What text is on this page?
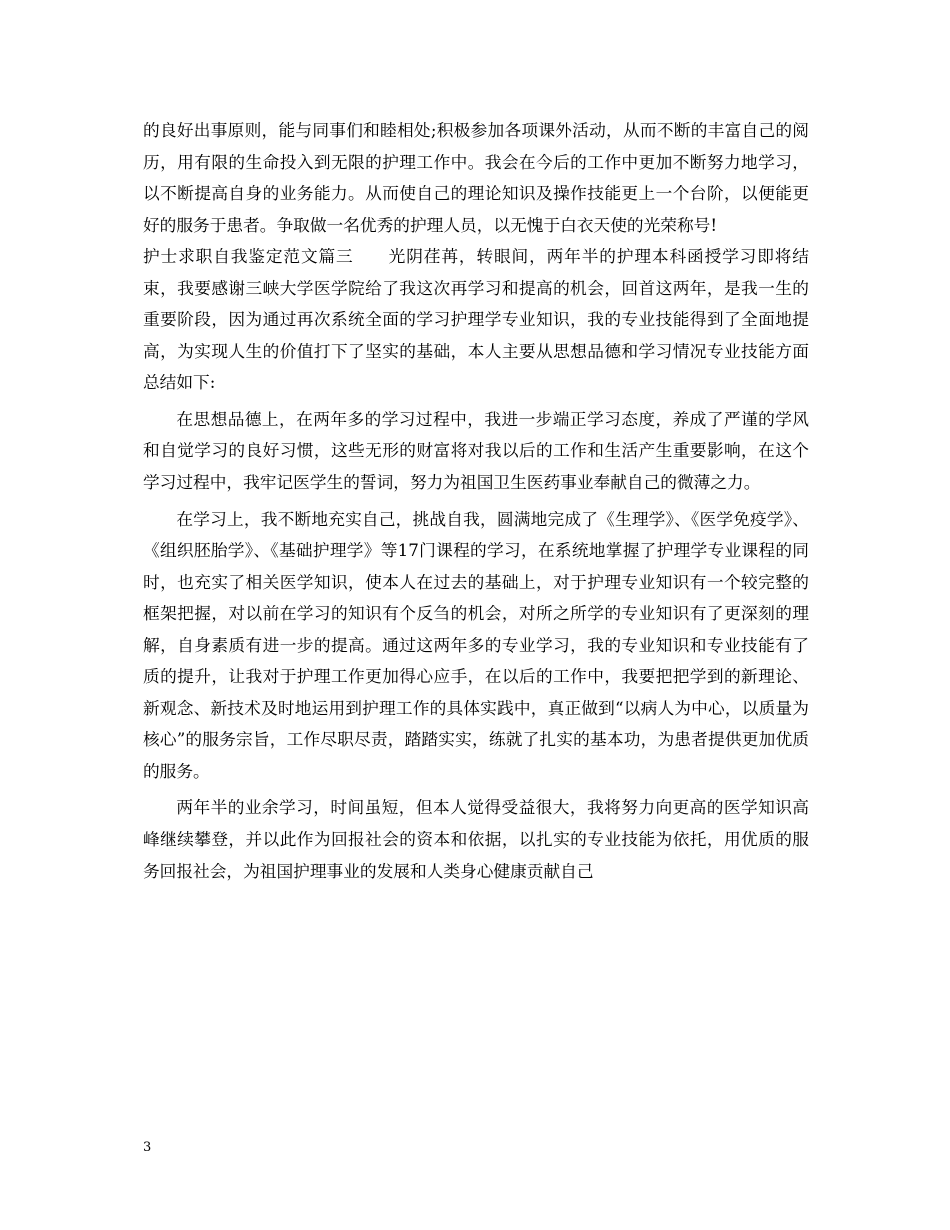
的良好出事原则，能与同事们和睦相处;积极参加各项课外活动，从而不断的丰富自己的阅历，用有限的生命投入到无限的护理工作中。我会在今后的工作中更加不断努力地学习，以不断提高自身的业务能力。从而使自己的理论知识及操作技能更上一个台阶，以便能更好的服务于患者。争取做一名优秀的护理人员，以无愧于白衣天使的光荣称号!

护士求职自我鉴定范文篇三　　光阴荏苒，转眼间，两年半的护理本科函授学习即将结束，我要感谢三峡大学医学院给了我这次再学习和提高的机会，回首这两年，是我一生的重要阶段，因为通过再次系统全面的学习护理学专业知识，我的专业技能得到了全面地提高，为实现人生的价值打下了坚实的基础，本人主要从思想品德和学习情况专业技能方面总结如下:

在思想品德上，在两年多的学习过程中，我进一步端正学习态度，养成了严谨的学风和自觉学习的良好习惯，这些无形的财富将对我以后的工作和生活产生重要影响，在这个学习过程中，我牢记医学生的誓词，努力为祖国卫生医药事业奉献自己的微薄之力。

在学习上，我不断地充实自己，挑战自我，圆满地完成了《生理学》、《医学免疫学》、《组织胚胎学》、《基础护理学》等17门课程的学习，在系统地掌握了护理学专业课程的同时，也充实了相关医学知识，使本人在过去的基础上，对于护理专业知识有一个较完整的框架把握，对以前在学习的知识有个反刍的机会，对所之所学的专业知识有了更深刻的理解，自身素质有进一步的提高。通过这两年多的专业学习，我的专业知识和专业技能有了质的提升，让我对于护理工作更加得心应手，在以后的工作中，我要把把学到的新理论、新观念、新技术及时地运用到护理工作的具体实践中，真正做到“以病人为中心，以质量为核心”的服务宗旨，工作尽职尽责，踏踏实实，练就了扎实的基本功，为患者提供更加优质的服务。

两年半的业余学习，时间虽短，但本人觉得受益很大，我将努力向更高的医学知识高峰继续攀登，并以此作为回报社会的资本和依据，以扎实的专业技能为依托，用优质的服务回报社会，为祖国护理事业的发展和人类身心健康贡献自己

3
